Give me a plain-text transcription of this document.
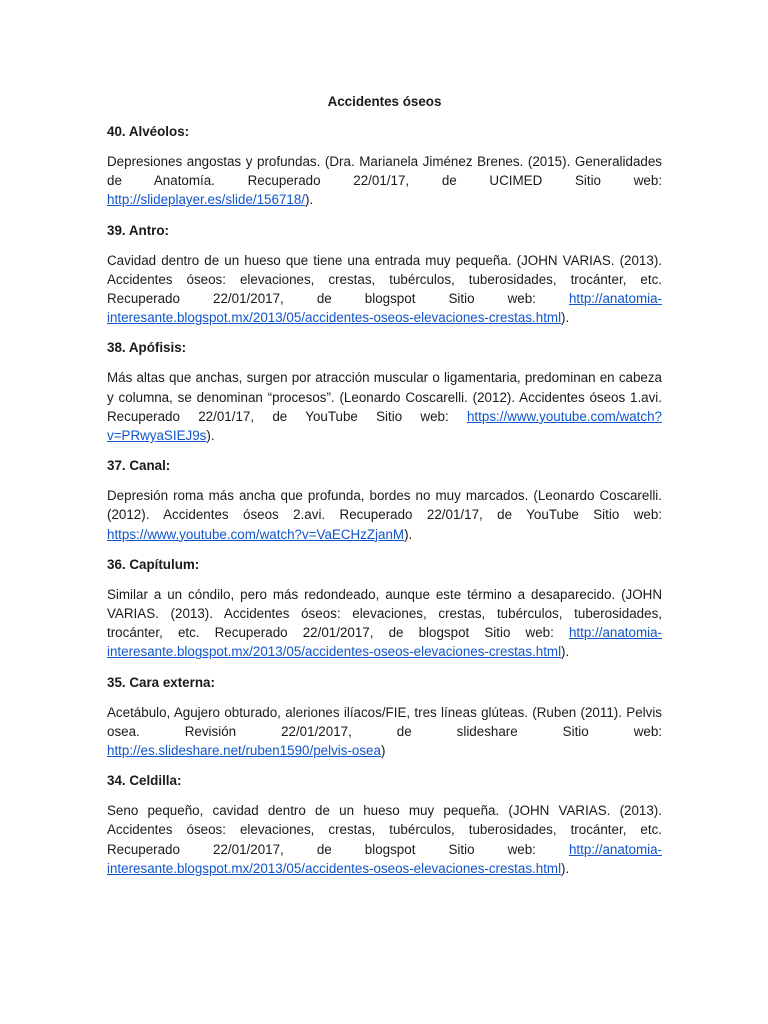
Accidentes óseos
40. Alvéolos:

Depresiones angostas y profundas. (Dra. Marianela Jiménez Brenes. (2015). Generalidades de Anatomía. Recuperado 22/01/17, de UCIMED Sitio web: http://slideplayer.es/slide/156718/).

39. Antro:

Cavidad dentro de un hueso que tiene una entrada muy pequeña. (JOHN VARIAS. (2013). Accidentes óseos: elevaciones, crestas, tubérculos, tuberosidades, trocánter, etc. Recuperado 22/01/2017, de blogspot Sitio web: http://anatomia-interesante.blogspot.mx/2013/05/accidentes-oseos-elevaciones-crestas.html).

38. Apófisis:

Más altas que anchas, surgen por atracción muscular o ligamentaria, predominan en cabeza y columna, se denominan “procesos”. (Leonardo Coscarelli. (2012). Accidentes óseos 1.avi. Recuperado 22/01/17, de YouTube Sitio web: https://www.youtube.com/watch?v=PRwyaSIEJ9s).

37. Canal:

Depresión roma más ancha que profunda, bordes no muy marcados. (Leonardo Coscarelli. (2012). Accidentes óseos 2.avi. Recuperado 22/01/17, de YouTube Sitio web: https://www.youtube.com/watch?v=VaECHzZjanM).

36. Capítulum:

Similar a un cóndilo, pero más redondeado, aunque este término a desaparecido. (JOHN VARIAS. (2013). Accidentes óseos: elevaciones, crestas, tubérculos, tuberosidades, trocánter, etc. Recuperado 22/01/2017, de blogspot Sitio web: http://anatomia-interesante.blogspot.mx/2013/05/accidentes-oseos-elevaciones-crestas.html).

35. Cara externa:

Acetábulo, Agujero obturado, aleriones ilíacos/FIE, tres líneas glúteas. (Ruben (2011). Pelvis osea. Revisión 22/01/2017, de slideshare Sitio web: http://es.slideshare.net/ruben1590/pelvis-osea)

34. Celdilla:

Seno pequeño, cavidad dentro de un hueso muy pequeña. (JOHN VARIAS. (2013). Accidentes óseos: elevaciones, crestas, tubérculos, tuberosidades, trocánter, etc. Recuperado 22/01/2017, de blogspot Sitio web: http://anatomia-interesante.blogspot.mx/2013/05/accidentes-oseos-elevaciones-crestas.html).
